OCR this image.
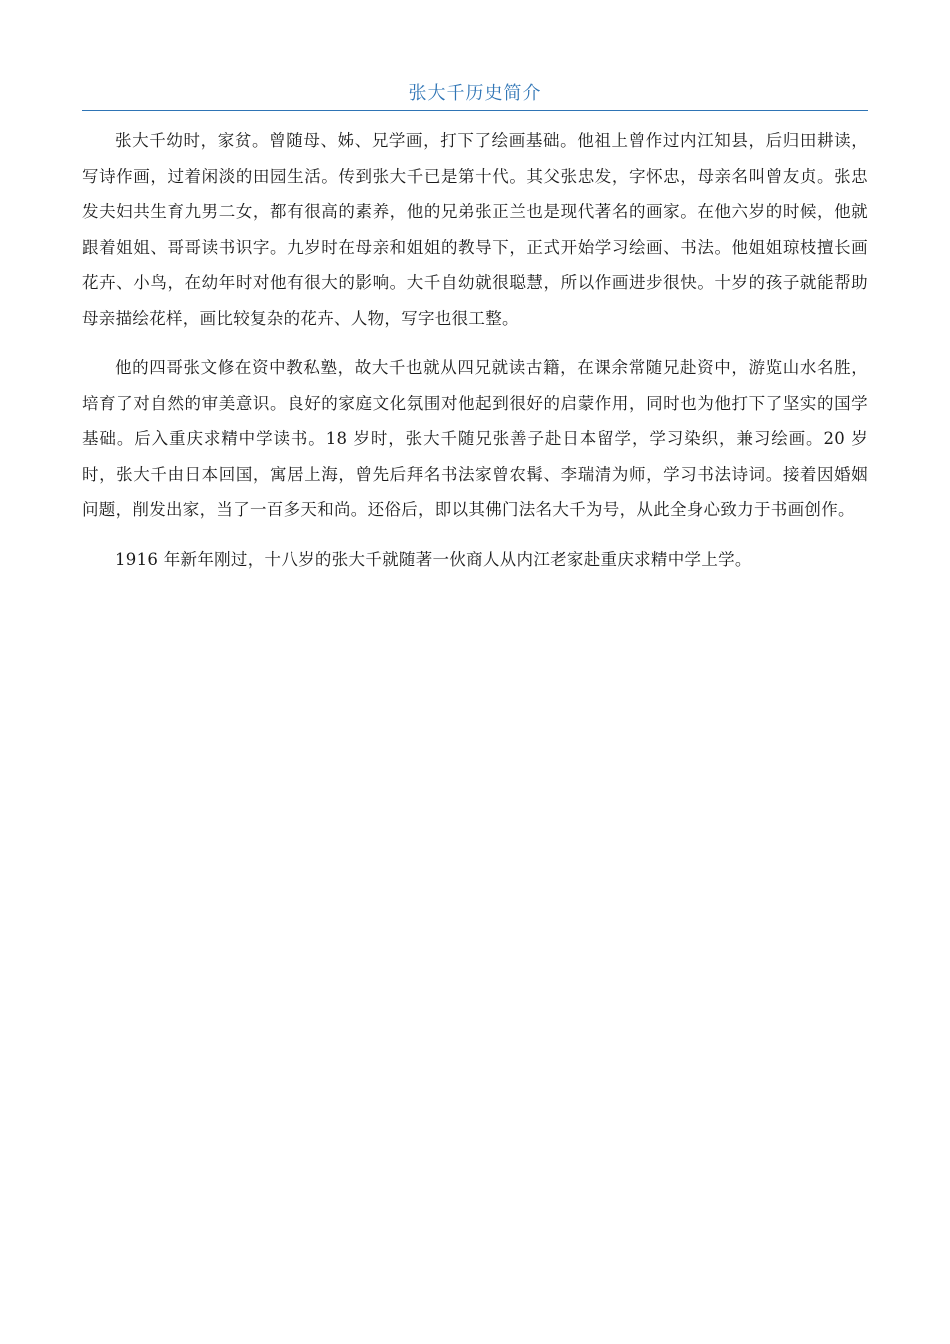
张大千历史简介

张大千幼时，家贫。曾随母、姊、兄学画，打下了绘画基础。他祖上曾作过内江知县，后归田耕读，写诗作画，过着闲淡的田园生活。传到张大千已是第十代。其父张忠发，字怀忠，母亲名叫曾友贞。张忠发夫妇共生育九男二女，都有很高的素养，他的兄弟张正兰也是现代著名的画家。在他六岁的时候，他就跟着姐姐、哥哥读书识字。九岁时在母亲和姐姐的教导下，正式开始学习绘画、书法。他姐姐琼枝擅长画花卉、小鸟，在幼年时对他有很大的影响。大千自幼就很聪慧，所以作画进步很快。十岁的孩子就能帮助母亲描绘花样，画比较复杂的花卉、人物，写字也很工整。

他的四哥张文修在资中教私塾，故大千也就从四兄就读古籍，在课余常随兄赴资中，游览山水名胜，培育了对自然的审美意识。良好的家庭文化氛围对他起到很好的启蒙作用，同时也为他打下了坚实的国学基础。后入重庆求精中学读书。18 岁时，张大千随兄张善子赴日本留学，学习染织，兼习绘画。20 岁时，张大千由日本回国，寓居上海，曾先后拜名书法家曾农髯、李瑞清为师，学习书法诗词。接着因婚姻问题，削发出家，当了一百多天和尚。还俗后，即以其佛门法名大千为号，从此全身心致力于书画创作。

1916 年新年刚过，十八岁的张大千就随著一伙商人从内江老家赴重庆求精中学上学。
